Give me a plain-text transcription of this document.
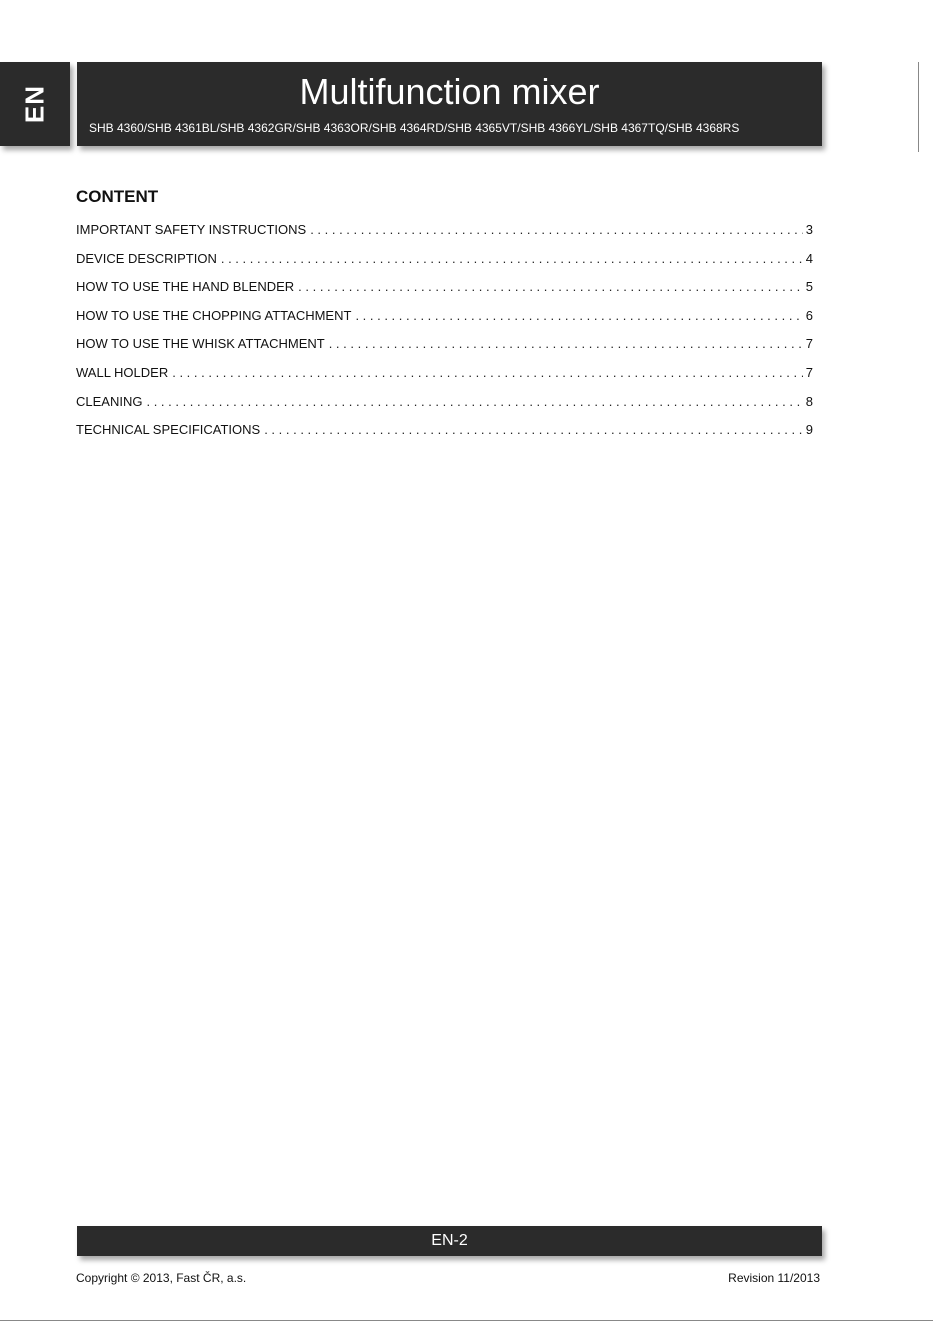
EN	Multifunction mixer
SHB 4360/SHB 4361BL/SHB 4362GR/SHB 4363OR/SHB 4364RD/SHB 4365VT/SHB 4366YL/SHB 4367TQ/SHB 4368RS
CONTENT
IMPORTANT SAFETY INSTRUCTIONS . . .	3
DEVICE DESCRIPTION . . .	4
HOW TO USE THE HAND BLENDER . . .	5
HOW TO USE THE CHOPPING ATTACHMENT . . .	6
HOW TO USE THE WHISK ATTACHMENT . . .	7
WALL HOLDER . . .	7
CLEANING . . .	8
TECHNICAL SPECIFICATIONS . . .	9
EN-2
Copyright © 2013, Fast ČR, a.s.	Revision 11/2013
